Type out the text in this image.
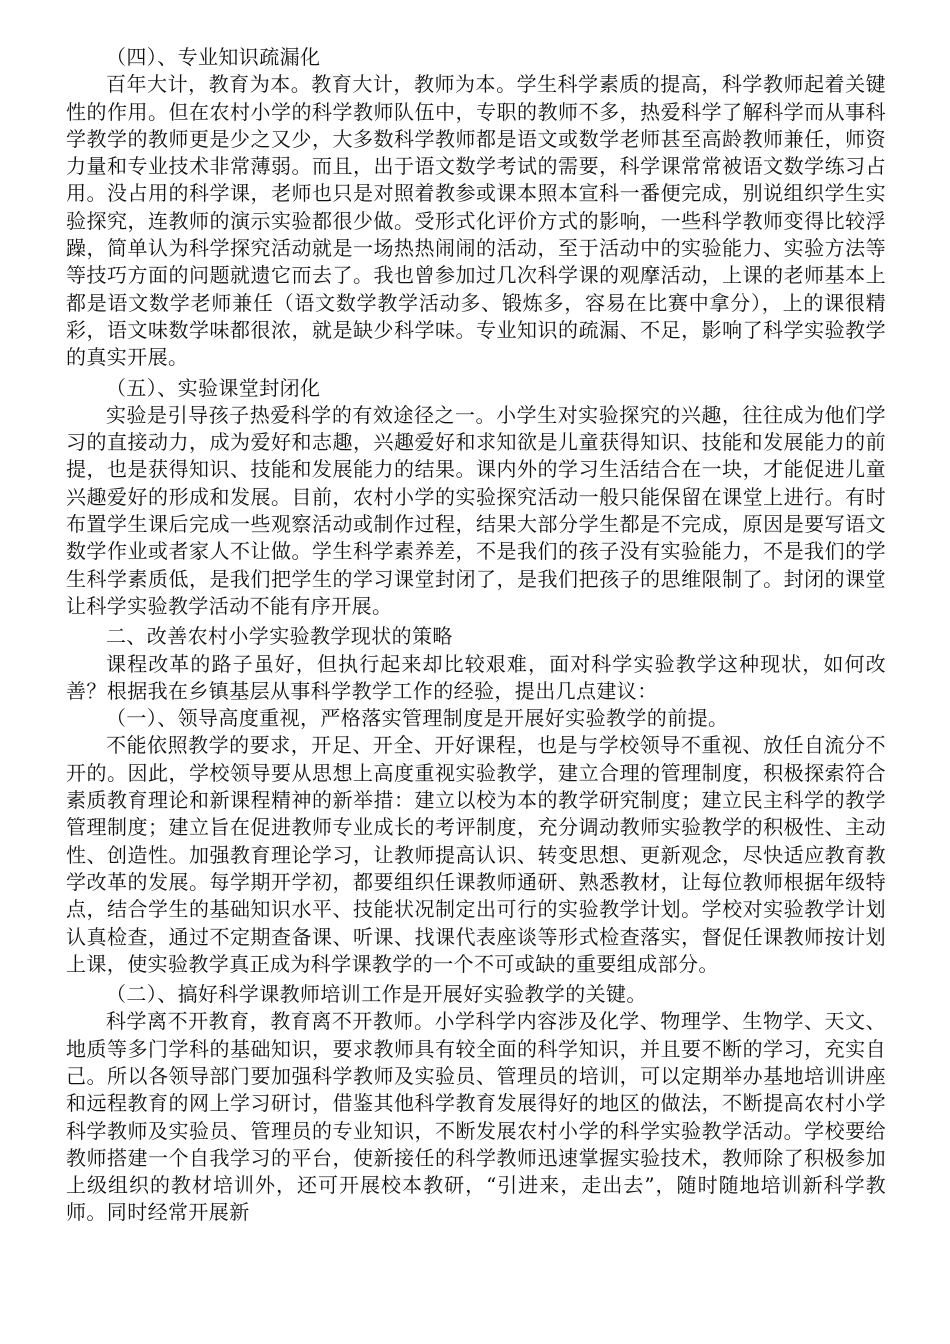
（四）、专业知识疏漏化

百年大计，教育为本。教育大计，教师为本。学生科学素质的提高，科学教师起着关键性的作用。但在农村小学的科学教师队伍中，专职的教师不多，热爱科学了解科学而从事科学教学的教师更是少之又少，大多数科学教师都是语文或数学老师甚至高龄教师兼任，师资力量和专业技术非常薄弱。而且，出于语文数学考试的需要，科学课常常被语文数学练习占用。没占用的科学课，老师也只是对照着教参或课本照本宣科一番便完成，别说组织学生实验探究，连教师的演示实验都很少做。受形式化评价方式的影响，一些科学教师变得比较浮躁，简单认为科学探究活动就是一场热热闹闹的活动，至于活动中的实验能力、实验方法等等技巧方面的问题就遗它而去了。我也曾参加过几次科学课的观摩活动，上课的老师基本上都是语文数学老师兼任（语文数学教学活动多、锻炼多，容易在比赛中拿分），上的课很精彩，语文味数学味都很浓，就是缺少科学味。专业知识的疏漏、不足，影响了科学实验教学的真实开展。

（五）、实验课堂封闭化

实验是引导孩子热爱科学的有效途径之一。小学生对实验探究的兴趣，往往成为他们学习的直接动力，成为爱好和志趣，兴趣爱好和求知欲是儿童获得知识、技能和发展能力的前提，也是获得知识、技能和发展能力的结果。课内外的学习生活结合在一块，才能促进儿童兴趣爱好的形成和发展。目前，农村小学的实验探究活动一般只能保留在课堂上进行。有时布置学生课后完成一些观察活动或制作过程，结果大部分学生都是不完成，原因是要写语文数学作业或者家人不让做。学生科学素养差，不是我们的孩子没有实验能力，不是我们的学生科学素质低，是我们把学生的学习课堂封闭了，是我们把孩子的思维限制了。封闭的课堂让科学实验教学活动不能有序开展。

二、改善农村小学实验教学现状的策略

课程改革的路子虽好，但执行起来却比较艰难，面对科学实验教学这种现状，如何改善？根据我在乡镇基层从事科学教学工作的经验，提出几点建议：

（一）、领导高度重视，严格落实管理制度是开展好实验教学的前提。

不能依照教学的要求，开足、开全、开好课程，也是与学校领导不重视、放任自流分不开的。因此，学校领导要从思想上高度重视实验教学，建立合理的管理制度，积极探索符合素质教育理论和新课程精神的新举措：建立以校为本的教学研究制度；建立民主科学的教学管理制度；建立旨在促进教师专业成长的考评制度，充分调动教师实验教学的积极性、主动性、创造性。加强教育理论学习，让教师提高认识、转变思想、更新观念，尽快适应教育教学改革的发展。每学期开学初，都要组织任课教师通研、熟悉教材，让每位教师根据年级特点，结合学生的基础知识水平、技能状况制定出可行的实验教学计划。学校对实验教学计划认真检查，通过不定期查备课、听课、找课代表座谈等形式检查落实，督促任课教师按计划上课，使实验教学真正成为科学课教学的一个不可或缺的重要组成部分。

（二）、搞好科学课教师培训工作是开展好实验教学的关键。

科学离不开教育，教育离不开教师。小学科学内容涉及化学、物理学、生物学、天文、地质等多门学科的基础知识，要求教师具有较全面的科学知识，并且要不断的学习，充实自己。所以各领导部门要加强科学教师及实验员、管理员的培训，可以定期举办基地培训讲座和远程教育的网上学习研讨，借鉴其他科学教育发展得好的地区的做法，不断提高农村小学科学教师及实验员、管理员的专业知识，不断发展农村小学的科学实验教学活动。学校要给教师搭建一个自我学习的平台，使新接任的科学教师迅速掌握实验技术，教师除了积极参加上级组织的教材培训外，还可开展校本教研，“引进来，走出去”，随时随地培训新科学教师。同时经常开展新
